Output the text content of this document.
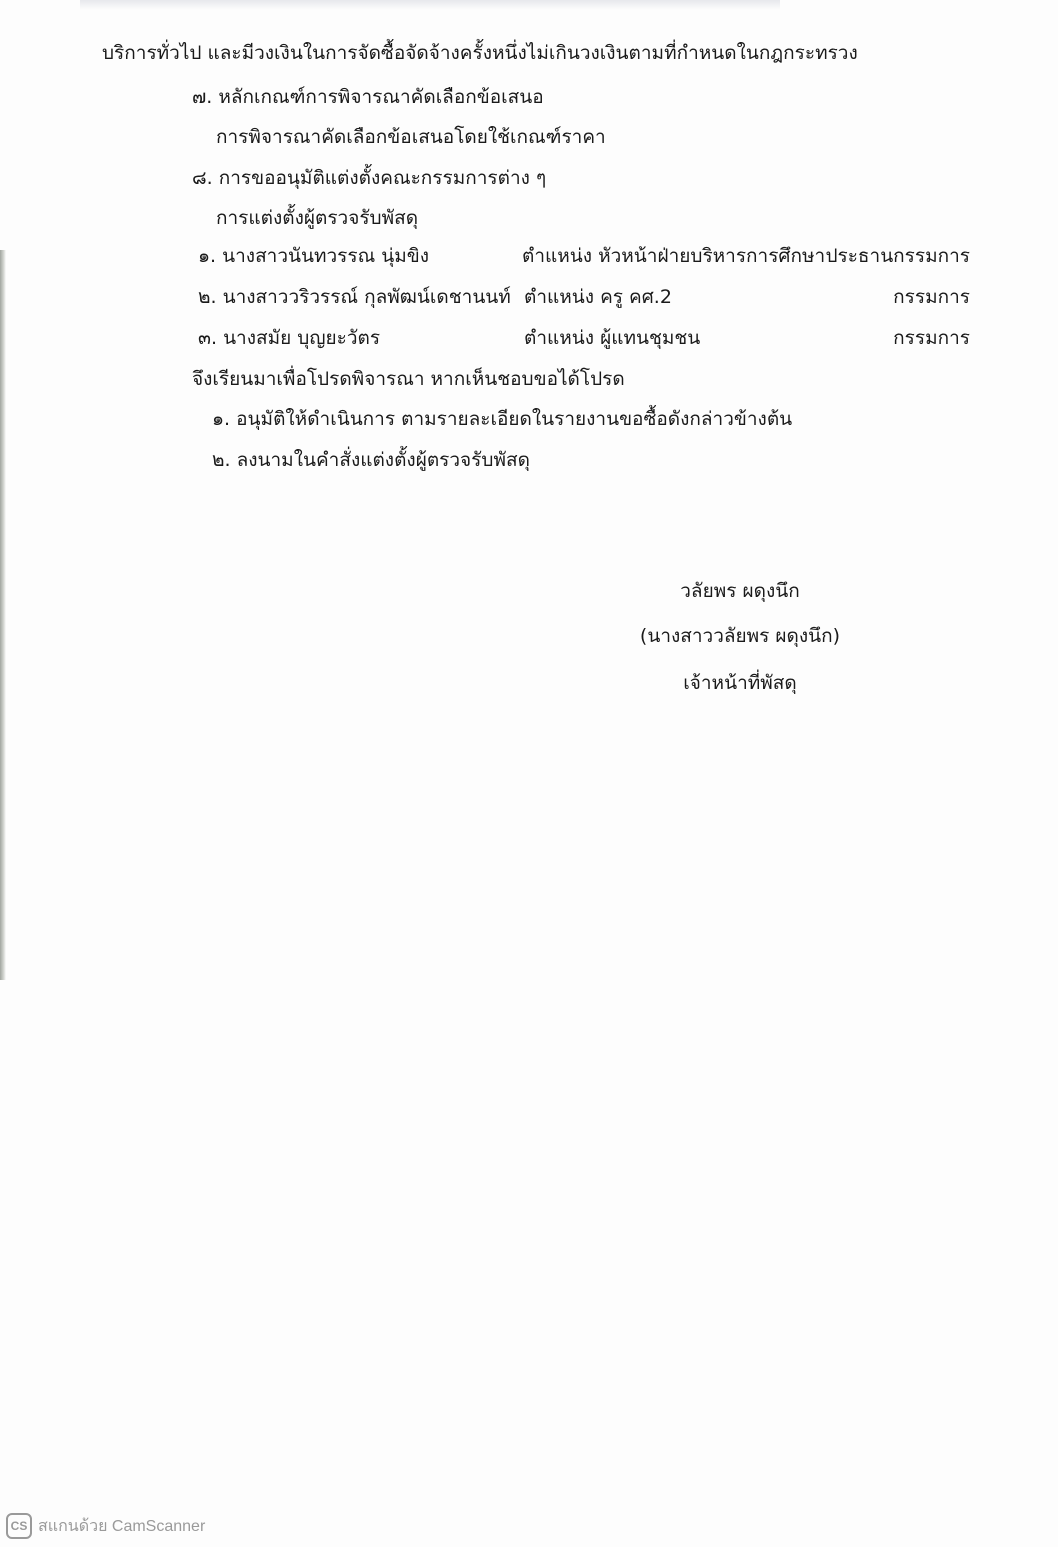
บริการทั่วไป และมีวงเงินในการจัดซื้อจัดจ้างครั้งหนึ่งไม่เกินวงเงินตามที่กำหนดในกฎกระทรวง
๗. หลักเกณฑ์การพิจารณาคัดเลือกข้อเสนอ
การพิจารณาคัดเลือกข้อเสนอโดยใช้เกณฑ์ราคา
๘. การขออนุมัติแต่งตั้งคณะกรรมการต่าง ๆ
การแต่งตั้งผู้ตรวจรับพัสดุ
๑. นางสาวนันทวรรณ นุ่มขิง	ตำแหน่ง หัวหน้าฝ่ายบริหารการศึกษา ประธานกรรมการ
๒. นางสาววริวรรณ์ กุลพัฒน์เดชานนท์ ตำแหน่ง ครู คศ.2	กรรมการ
๓. นางสมัย บุญยะวัตร	ตำแหน่ง ผู้แทนชุมชน	กรรมการ
จึงเรียนมาเพื่อโปรดพิจารณา หากเห็นชอบขอได้โปรด
๑. อนุมัติให้ดำเนินการ ตามรายละเอียดในรายงานขอซื้อดังกล่าวข้างต้น
๒. ลงนามในคำสั่งแต่งตั้งผู้ตรวจรับพัสดุ
วลัยพร ผดุงนึก
(นางสาววลัยพร ผดุงนึก)
เจ้าหน้าที่พัสดุ
CS สแกนด้วย CamScanner
